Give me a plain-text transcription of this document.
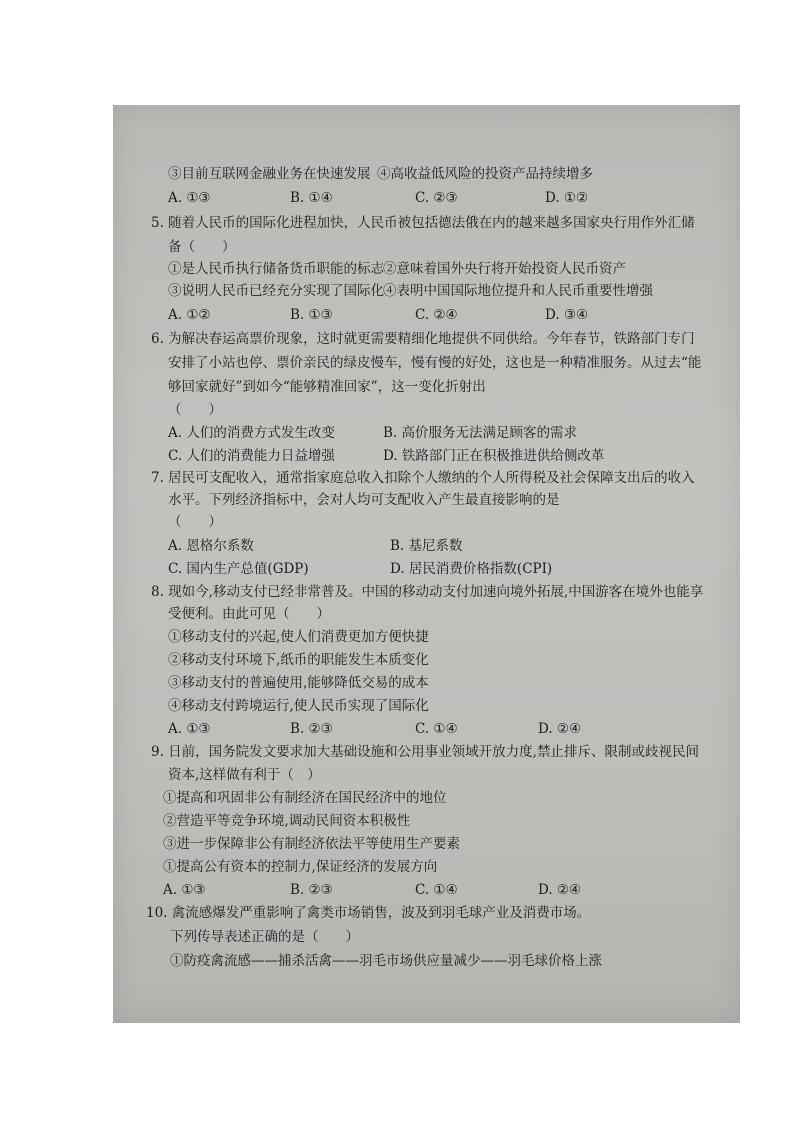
③目前互联网金融业务在快速发展 ④高收益低风险的投资产品持续增多
A. ①③	B. ①④	C. ②③	D. ①②
5. 随着人民币的国际化进程加快，人民币被包括德法俄在内的越来越多国家央行用作外汇储
备（　　）
①是人民币执行储备货币职能的标志 ②意味着国外央行将开始投资人民币资产
③说明人民币已经充分实现了国际化 ④表明中国国际地位提升和人民币重要性增强
A. ①②	B. ①③	C. ②④	D. ③④
6. 为解决春运高票价现象，这时就更需要精细化地提供不同供给。今年春节，铁路部门专门
安排了小站也停、票价亲民的绿皮慢车，慢有慢的好处，这也是一种精准服务。从过去“能
够回家就好”到如今“能够精准回家”，这一变化折射出
（　　）
A. 人们的消费方式发生改变	B. 高价服务无法满足顾客的需求
C. 人们的消费能力日益增强	D. 铁路部门正在积极推进供给侧改革
7. 居民可支配收入，通常指家庭总收入扣除个人缴纳的个人所得税及社会保障支出后的收入
水平。下列经济指标中，会对人均可支配收入产生最直接影响的是
（　　）
A. 恩格尔系数	B. 基尼系数
C. 国内生产总值(GDP)	D. 居民消费价格指数(CPI)
8. 现如今,移动支付已经非常普及。中国的移动动支付加速向境外拓展,中国游客在境外也能享
受便利。由此可见（　　）
①移动支付的兴起,使人们消费更加方便快捷
②移动支付环境下,纸币的职能发生本质变化
③移动支付的普遍使用,能够降低交易的成本
④移动支付跨境运行,使人民币实现了国际化
A. ①③	B. ②③	C. ①④	D. ②④
9. 日前，国务院发文要求加大基础设施和公用事业领域开放力度,禁止排斥、限制或歧视民间
资本,这样做有利于（　）
①提高和巩固非公有制经济在国民经济中的地位
②营造平等竞争环境,调动民间资本积极性
③进一步保障非公有制经济依法平等使用生产要素
①提高公有资本的控制力,保证经济的发展方向
A. ①③	B. ②③	C. ①④	D. ②④
10. 禽流感爆发严重影响了禽类市场销售，波及到羽毛球产业及消费市场。
下列传导表述正确的是（　　）
①防疫禽流感——捕杀活禽——羽毛市场供应量减少——羽毛球价格上涨
